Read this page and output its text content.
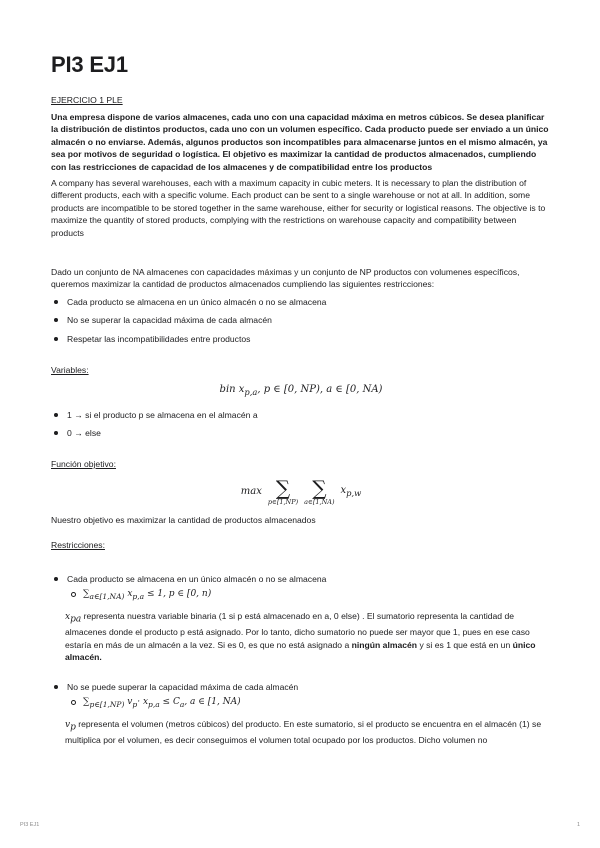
PI3 EJ1
EJERCICIO 1 PLE
Una empresa dispone de varios almacenes, cada uno con una capacidad máxima en metros cúbicos. Se desea planificar la distribución de distintos productos, cada uno con un volumen específico. Cada producto puede ser enviado a un único almacén o no enviarse. Además, algunos productos son incompatibles para almacenarse juntos en el mismo almacén, ya sea por motivos de seguridad o logística. El objetivo es maximizar la cantidad de productos almacenados, cumpliendo con las restricciones de capacidad de los almacenes y de compatibilidad entre los productos
A company has several warehouses, each with a maximum capacity in cubic meters. It is necessary to plan the distribution of different products, each with a specific volume. Each product can be sent to a single warehouse or not at all. In addition, some products are incompatible to be stored together in the same warehouse, either for security or logistical reasons. The objective is to maximize the quantity of stored products, complying with the restrictions on warehouse capacity and compatibility between products
Dado un conjunto de NA almacenes con capacidades máximas y un conjunto de NP productos con volumenes específicos, queremos maximizar la cantidad de productos almacenados cumpliendo las siguientes restricciones:
Cada producto se almacena en un único almacén o no se almacena
No se superar la capacidad máxima de cada almacén
Respetar las incompatibilidades entre productos
Variables:
bin $x_{p,a}$, p ∈ [0, NP), a ∈ [0, NA)
1 → si el producto p se almacena en el almacén a
0 → else
Función objetivo:
max ∑
p∈[1,NP)
∑
a∈[1,NA)
$x_{p,w}$
Nuestro objetivo es maximizar la cantidad de productos almacenados
Restricciones:
Cada producto se almacena en un único almacén o no se almacena
$\sum_{a\in[1,NA)}$ $x_{p,a} \le 1$, p ∈ [0, n)
$x_{pa}$ representa nuestra variable binaria (1 si p está almacenado en a, 0 else) . El sumatorio representa la cantidad de almacenes donde el producto p está asignado. Por lo tanto, dicho sumatorio no puede ser mayor que 1, pues en ese caso estaría en más de un almacén a la vez. Si es 0, es que no está asignado a ningún almacén y si es 1 que está en un único almacén.
No se puede superar la capacidad máxima de cada almacén
$\sum_{p\in[1,NP)}$ $v_p\cdot x_{p,a} \le C_a$, a ∈ [1, NA)
$v_p$ representa el volumen (metros cúbicos) del producto. En este sumatorio, si el producto se encuentra en el almacén (1) se multiplica por el volumen, es decir conseguimos el volumen total ocupado por los productos. Dicho volumen no
PI3 EJ1	1
